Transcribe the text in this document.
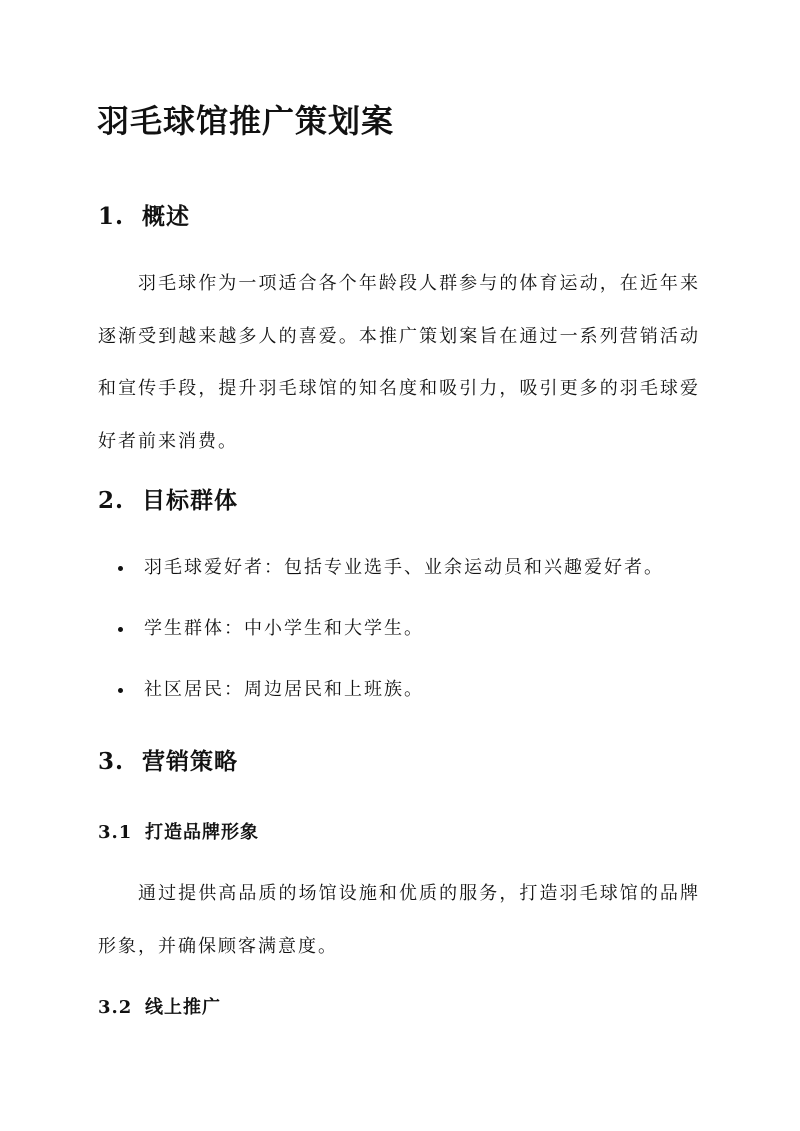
羽毛球馆推广策划案
1. 概述

羽毛球作为一项适合各个年龄段人群参与的体育运动，在近年来逐渐受到越来越多人的喜爱。本推广策划案旨在通过一系列营销活动和宣传手段，提升羽毛球馆的知名度和吸引力，吸引更多的羽毛球爱好者前来消费。

2. 目标群体
羽毛球爱好者：包括专业选手、业余运动员和兴趣爱好者。
学生群体：中小学生和大学生。
社区居民：周边居民和上班族。
3. 营销策略
3.1 打造品牌形象

通过提供高品质的场馆设施和优质的服务，打造羽毛球馆的品牌形象，并确保顾客满意度。

3.2 线上推广
